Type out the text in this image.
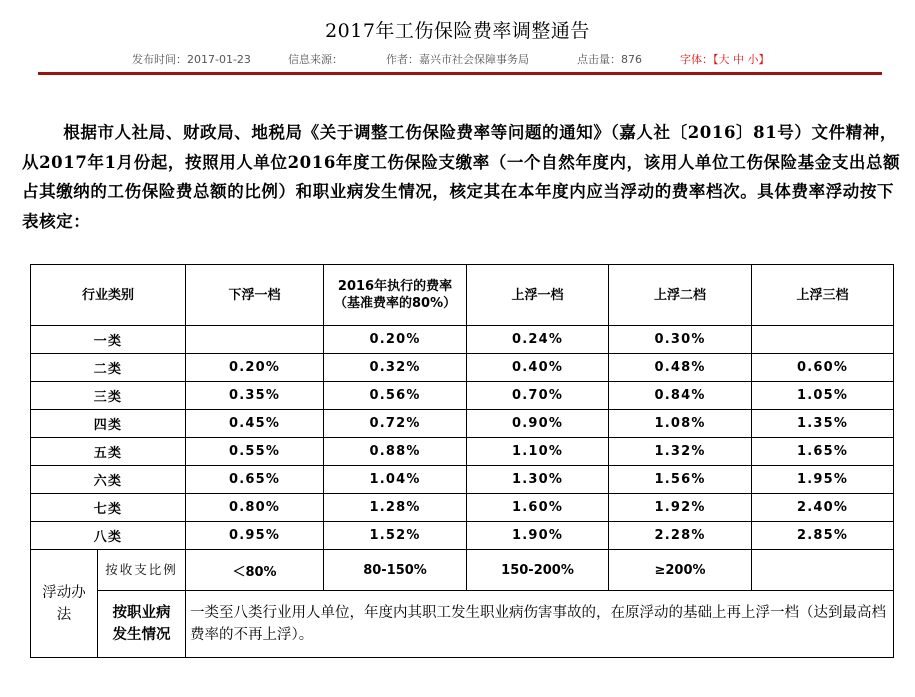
2017年工伤保险费率调整通告
发布时间：2017-01-23	信息来源：	作者：嘉兴市社会保障事务局	点击量：876	字体：【大 中 小】
根据市人社局、财政局、地税局《关于调整工伤保险费率等问题的通知》（嘉人社〔2016〕81号）文件精神，从2017年1月份起，按照用人单位2016年度工伤保险支缴率（一个自然年度内，该用人单位工伤保险基金支出总额占其缴纳的工伤保险费总额的比例）和职业病发生情况，核定其在本年度内应当浮动的费率档次。具体费率浮动按下表核定：
行业类别		下浮一档	2016年执行的费率（基准费率的80%）	上浮一档	上浮二档	上浮三档
一类			0.20%	0.24%	0.30%	
二类		0.20%	0.32%	0.40%	0.48%	0.60%
三类		0.35%	0.56%	0.70%	0.84%	1.05%
四类		0.45%	0.72%	0.90%	1.08%	1.35%
五类		0.55%	0.88%	1.10%	1.32%	1.65%
六类		0.65%	1.04%	1.30%	1.56%	1.95%
七类		0.80%	1.28%	1.60%	1.92%	2.40%
八类		0.95%	1.52%	1.90%	2.28%	2.85%
浮动办法	按收支比例	＜80%	80-150%	150-200%	≥200%	
	按职业病发生情况	一类至八类行业用人单位，年度内其职工发生职业病伤害事故的，在原浮动的基础上再上浮一档（达到最高档费率的不再上浮）。				
